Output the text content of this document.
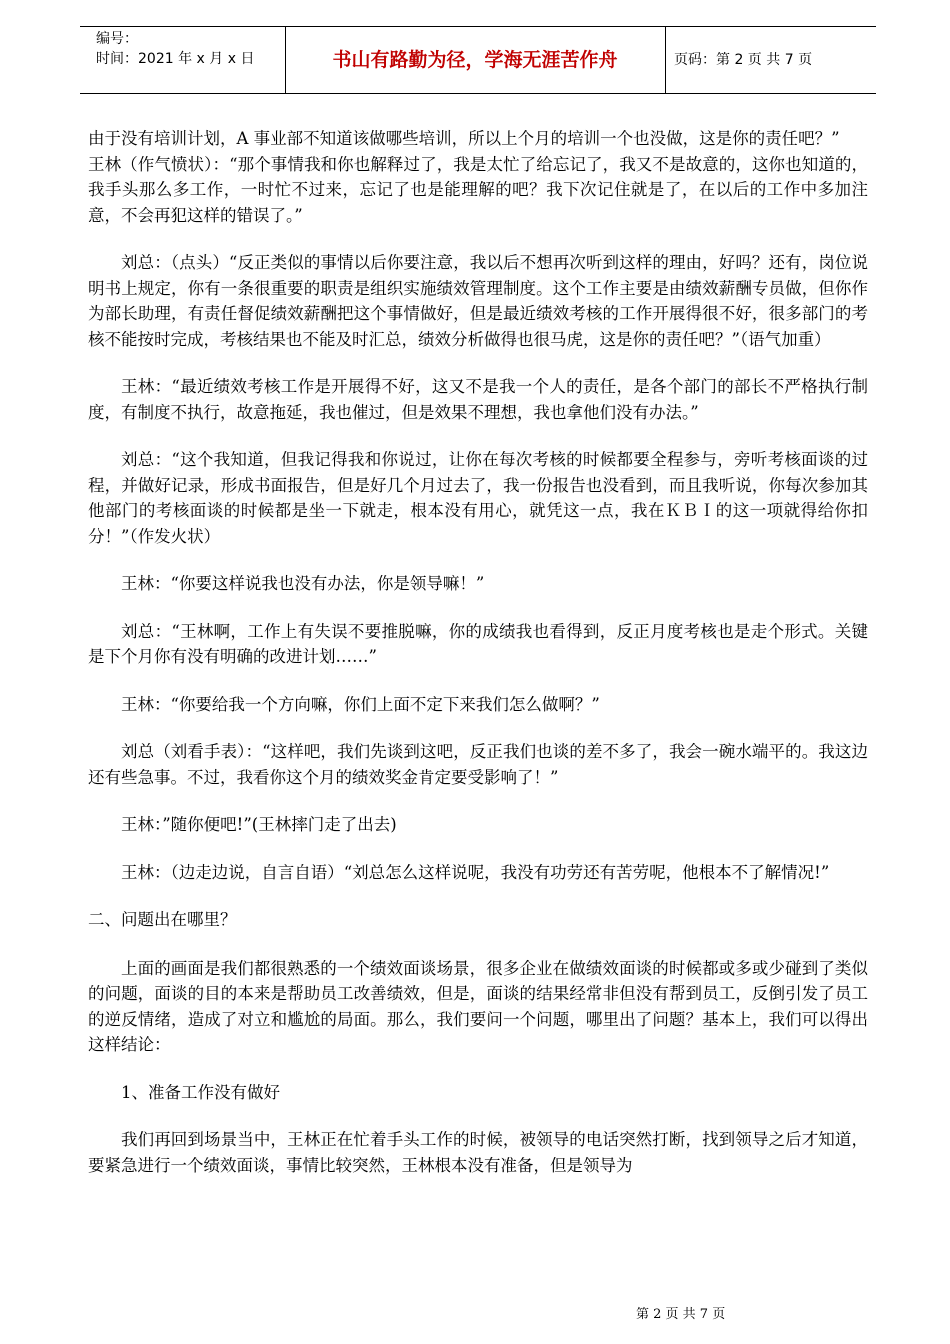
编号：
时间：2021 年 x 月 x 日	书山有路勤为径，学海无涯苦作舟	页码：第 2 页 共 7 页

由于没有培训计划，A 事业部不知道该做哪些培训，所以上个月的培训一个也没做，这是你的责任吧？”

王林（作气愤状）：“那个事情我和你也解释过了，我是太忙了给忘记了，我又不是故意的，这你也知道的，我手头那么多工作，一时忙不过来，忘记了也是能理解的吧？我下次记住就是了，在以后的工作中多加注意，不会再犯这样的错误了。”

刘总：（点头）“反正类似的事情以后你要注意，我以后不想再次听到这样的理由，好吗？还有，岗位说明书上规定，你有一条很重要的职责是组织实施绩效管理制度。这个工作主要是由绩效薪酬专员做，但你作为部长助理，有责任督促绩效薪酬把这个事情做好，但是最近绩效考核的工作开展得很不好，很多部门的考核不能按时完成，考核结果也不能及时汇总，绩效分析做得也很马虎，这是你的责任吧？”（语气加重）

王林：“最近绩效考核工作是开展得不好，这又不是我一个人的责任，是各个部门的部长不严格执行制度，有制度不执行，故意拖延，我也催过，但是效果不理想，我也拿他们没有办法。”

刘总：“这个我知道，但我记得我和你说过，让你在每次考核的时候都要全程参与，旁听考核面谈的过程，并做好记录，形成书面报告，但是好几个月过去了，我一份报告也没看到，而且我听说，你每次参加其他部门的考核面谈的时候都是坐一下就走，根本没有用心，就凭这一点，我在ＫＢＩ的这一项就得给你扣分！”（作发火状）

王林：“你要这样说我也没有办法，你是领导嘛！”

刘总：“王林啊，工作上有失误不要推脱嘛，你的成绩我也看得到，反正月度考核也是走个形式。关键是下个月你有没有明确的改进计划……”

王林：“你要给我一个方向嘛，你们上面不定下来我们怎么做啊？”

刘总（刘看手表）：“这样吧，我们先谈到这吧，反正我们也谈的差不多了，我会一碗水端平的。我这边还有些急事。不过，我看你这个月的绩效奖金肯定要受影响了！”

王林：”随你便吧!”(王林摔门走了出去)

王林：（边走边说，自言自语）“刘总怎么这样说呢，我没有功劳还有苦劳呢，他根本不了解情况!”

二、问题出在哪里？

上面的画面是我们都很熟悉的一个绩效面谈场景，很多企业在做绩效面谈的时候都或多或少碰到了类似的问题，面谈的目的本来是帮助员工改善绩效，但是，面谈的结果经常非但没有帮到员工，反倒引发了员工的逆反情绪，造成了对立和尴尬的局面。那么，我们要问一个问题，哪里出了问题？基本上，我们可以得出这样结论：

1、准备工作没有做好

我们再回到场景当中，王林正在忙着手头工作的时候，被领导的电话突然打断，找到领导之后才知道，要紧急进行一个绩效面谈，事情比较突然，王林根本没有准备，但是领导为

第 2 页 共 7 页
